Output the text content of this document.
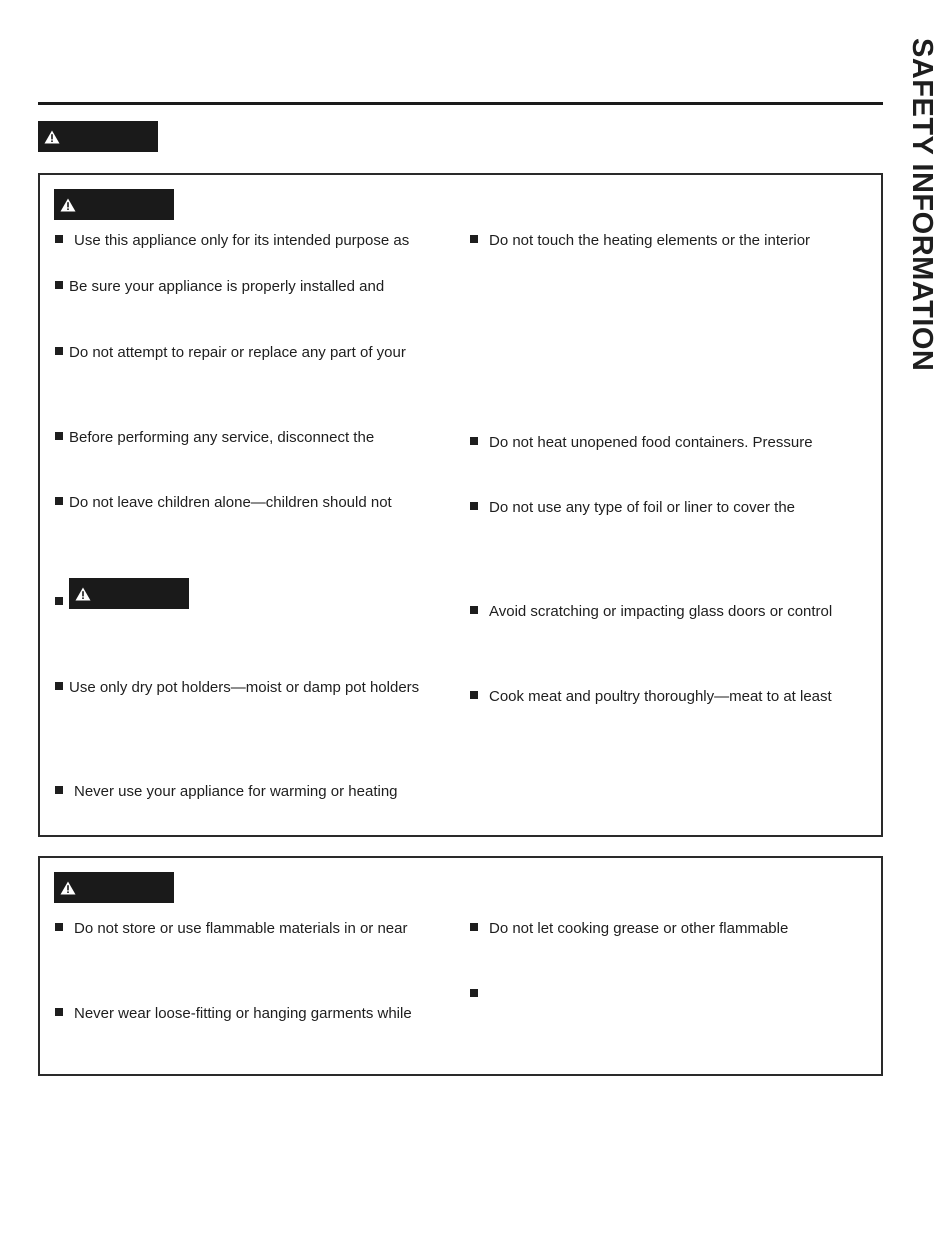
SAFETY INFORMATION
Use this appliance only for its intended purpose as
Be sure your appliance is properly installed and
Do not attempt to repair or replace any part of your
Before performing any service, disconnect the
Do not leave children alone—children should not
Use only dry pot holders—moist or damp pot holders
Never use your appliance for warming or heating
Do not touch the heating elements or the interior
Do not heat unopened food containers. Pressure
Do not use any type of foil or liner to cover the
Avoid scratching or impacting glass doors or control
Cook meat and poultry thoroughly—meat to at least
Do not store or use flammable materials in or near
Never wear loose-fitting or hanging garments while
Do not let cooking grease or other flammable
